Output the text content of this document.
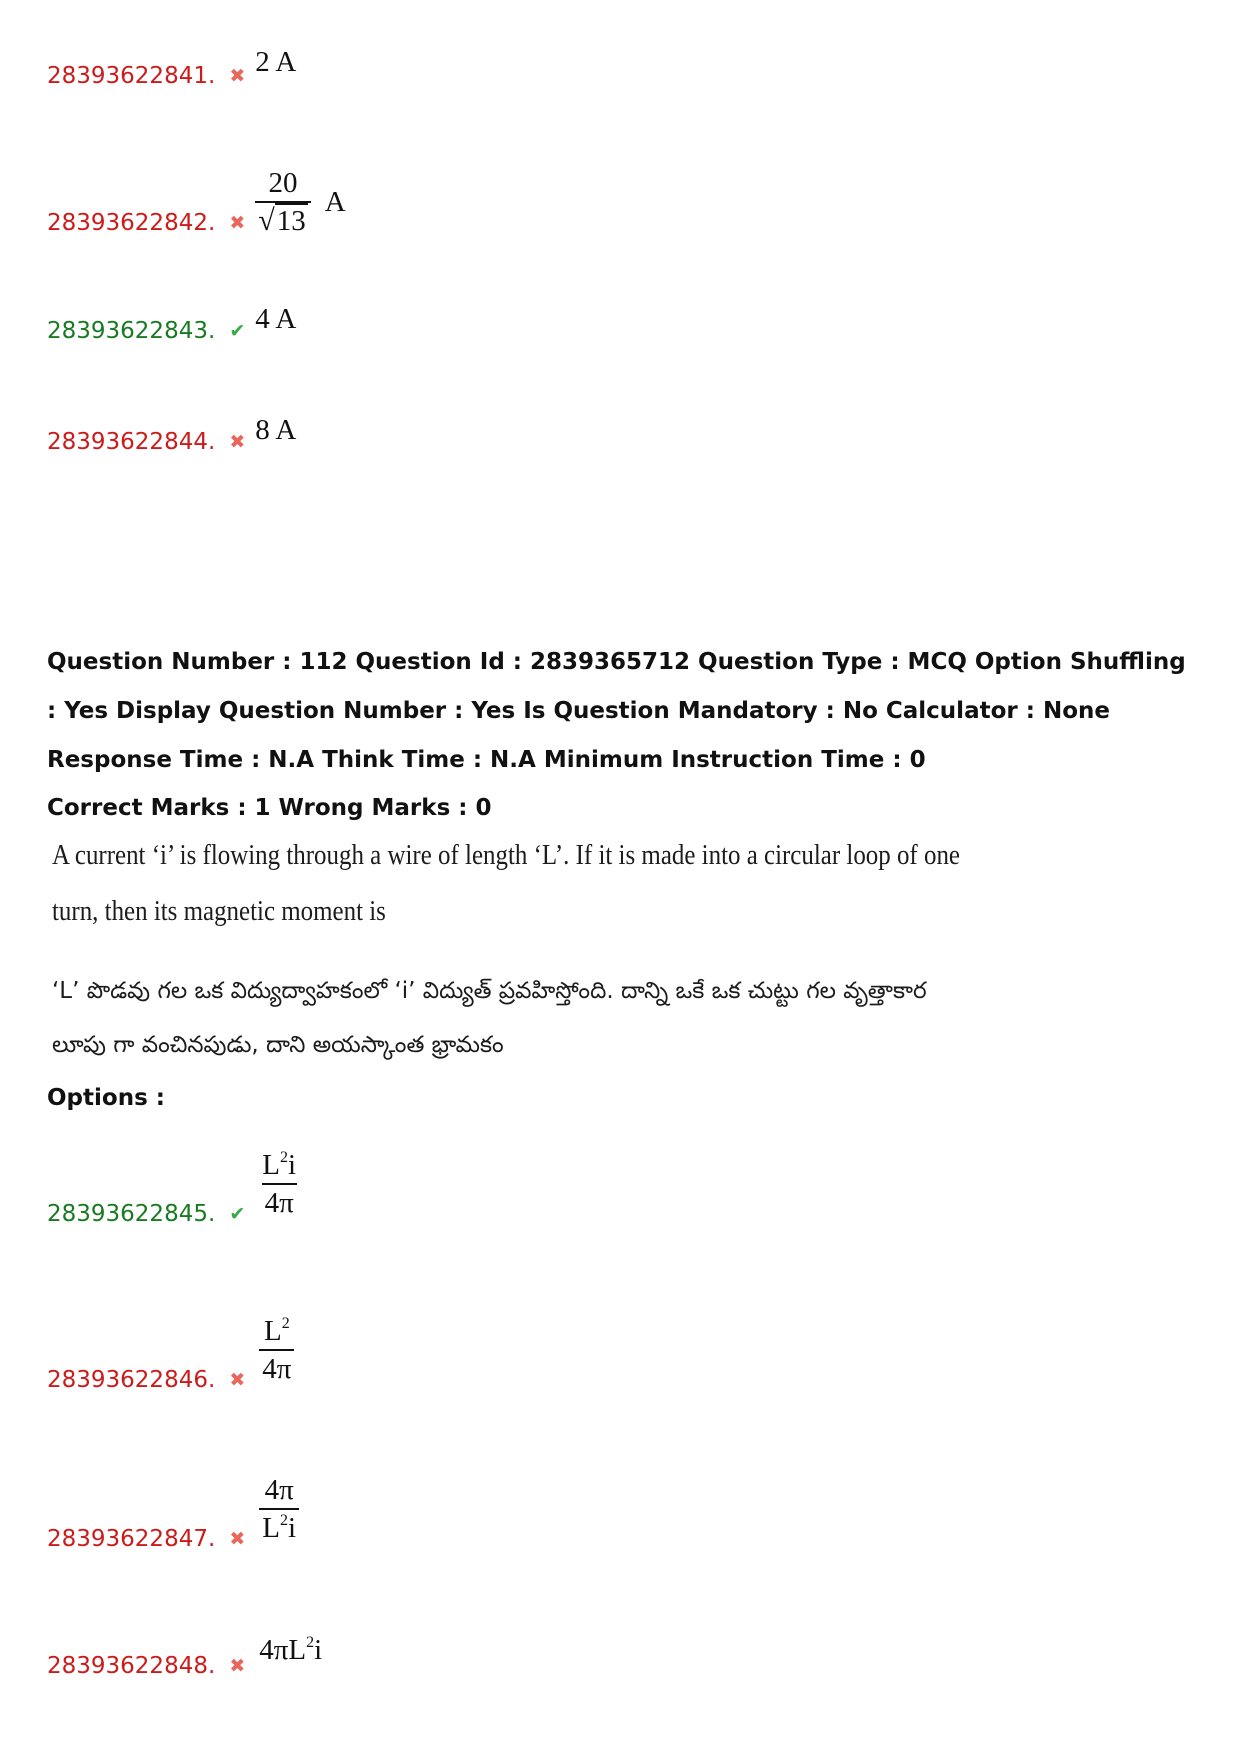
28393622841. ✖ 2 A
28393622842. ✖ $\frac{20}{√13}$ A
28393622843. ✔ 4 A
28393622844. ✖ 8 A
Question Number : 112 Question Id : 2839365712 Question Type : MCQ Option Shuffling : Yes Display Question Number : Yes Is Question Mandatory : No Calculator : None Response Time : N.A Think Time : N.A Minimum Instruction Time : 0
Correct Marks : 1 Wrong Marks : 0
A current ‘i’ is flowing through a wire of length ‘L’. If it is made into a circular loop of one
turn, then its magnetic moment is
‘L’ పొడవు గల ఒక విద్యుద్వాహకంలో ‘i’ విద్యుత్ ప్రవహిస్తోంది. దాన్ని ఒకే ఒక చుట్టు గల వృత్తాకార
లూపు గా వంచినపుడు, దాని అయస్కాంత భ్రామకం
Options :
28393622845. ✔ $\frac{L^2i}{4\pi}$
28393622846. ✖ $\frac{L^2}{4\pi}$
28393622847. ✖ $\frac{4\pi}{L^2i}$
28393622848. ✖ $4\pi L^2i$
